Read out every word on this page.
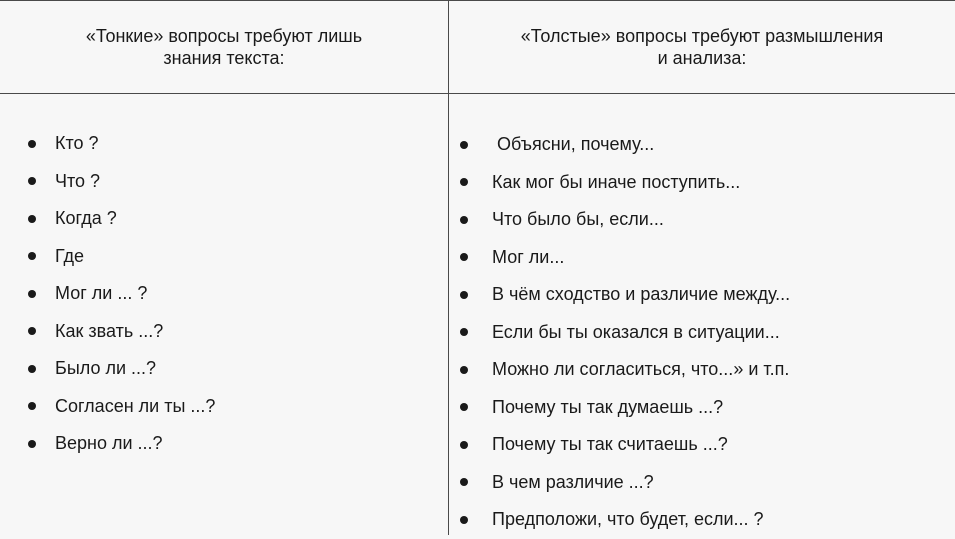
«Тонкие» вопросы требуют лишь
знания текста:
«Толстые» вопросы требуют размышления
и анализа:
Кто ?
Что ?
Когда ?
Где
Мог ли ... ?
Как звать ...?
Было ли ...?
Согласен ли ты ...?
Верно ли ...?
Объясни, почему...
Как мог бы иначе поступить...
Что было бы, если...
Мог ли...
В чём сходство и различие между...
Если бы ты оказался в ситуации...
Можно ли согласиться, что...» и т.п.
Почему ты так думаешь ...?
Почему ты так считаешь ...?
В чем различие ...?
Предположи, что будет, если... ?
